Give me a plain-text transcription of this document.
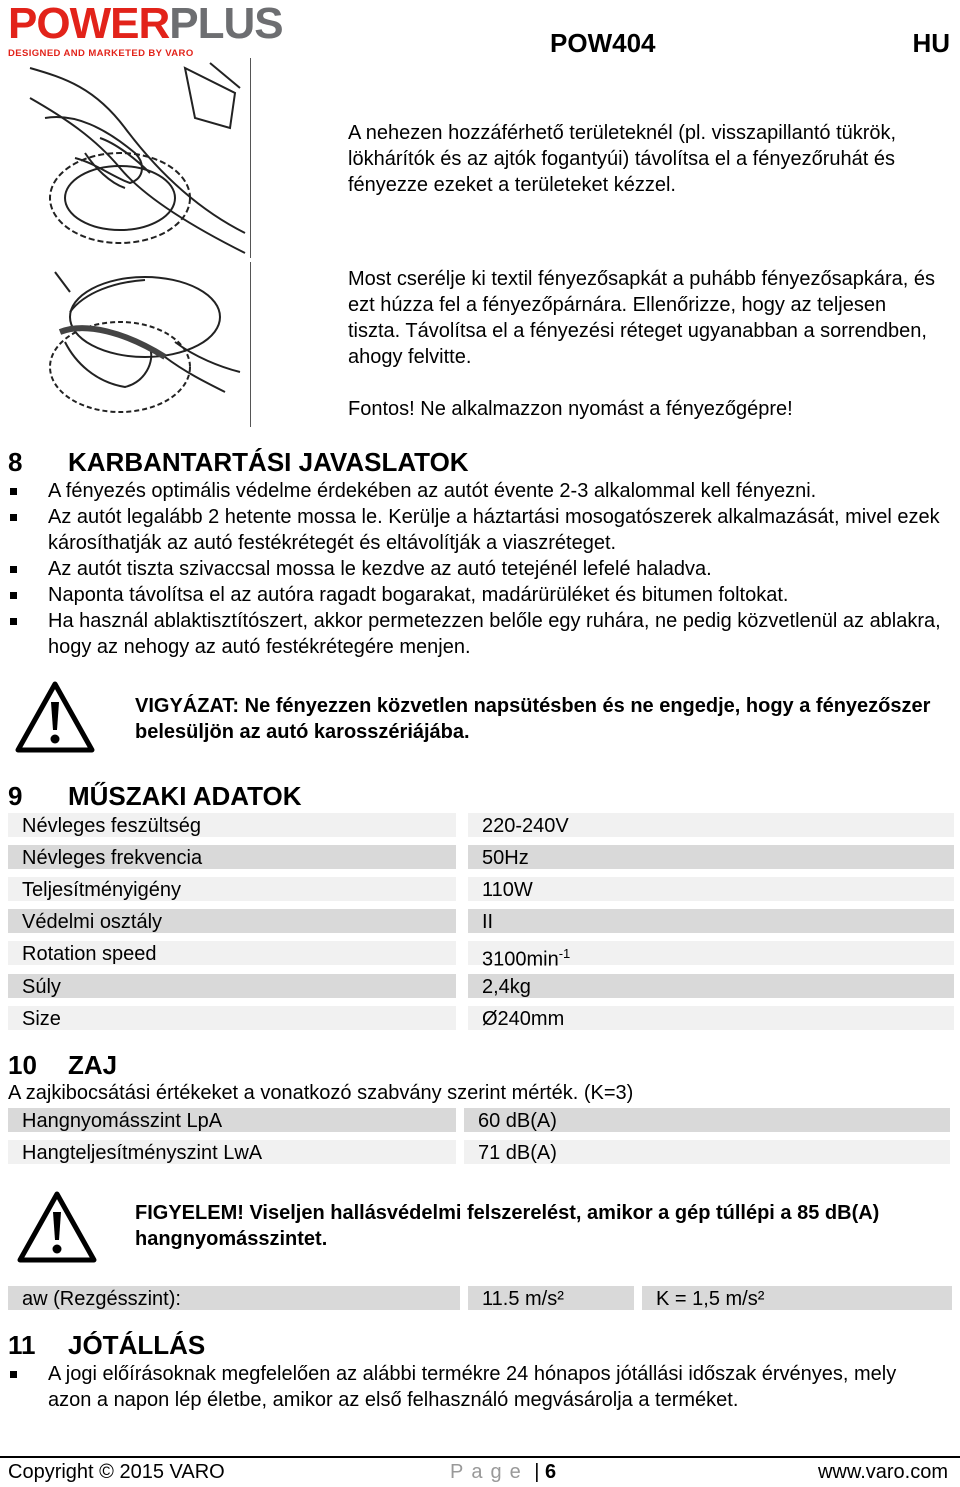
POWERPLUS
DESIGNED AND MARKETED BY VARO	POW404	HU
A nehezen hozzáférhető területeknél (pl. visszapillantó tükrök, lökhárítók és az ajtók fogantyúi) távolítsa el a fényezőruhát és fényezze ezeket a területeket kézzel.
Most cserélje ki textil fényezősapkát a puhább fényezősapkára, és ezt húzza fel a fényezőpárnára. Ellenőrizze, hogy az teljesen tiszta. Távolítsa el a fényezési réteget ugyanabban a sorrendben, ahogy felvitte.
Fontos! Ne alkalmazzon nyomást a fényezőgépre!
8 KARBANTARTÁSI JAVASLATOK
A fényezés optimális védelme érdekében az autót évente 2-3 alkalommal kell fényezni.
Az autót legalább 2 hetente mossa le. Kerülje a háztartási mosogatószerek alkalmazását, mivel ezek károsíthatják az autó festékrétegét és eltávolítják a viaszréteget.
Az autót tiszta szivaccsal mossa le kezdve az autó tetejénél lefelé haladva.
Naponta távolítsa el az autóra ragadt bogarakat, madárürüléket és bitumen foltokat.
Ha használ ablaktisztítószert, akkor permetezzen belőle egy ruhára, ne pedig közvetlenül az ablakra, hogy az nehogy az autó festékrétegére menjen.
VIGYÁZAT: Ne fényezzen közvetlen napsütésben és ne engedje, hogy a fényezőszer belesüljön az autó karosszériájába.
9 MŰSZAKI ADATOK
Névleges feszültség	220-240V
Névleges frekvencia	50Hz
Teljesítményigény	110W
Védelmi osztály	II
Rotation speed	$3100\min^{-1}$
Súly	2,4kg
Size	Ø240mm
10 ZAJ
A zajkibocsátási értékeket a vonatkozó szabvány szerint mérték. (K=3)
Hangnyomásszint LpA	60 dB(A)
Hangteljesítményszint LwA	71 dB(A)
FIGYELEM! Viseljen hallásvédelmi felszerelést, amikor a gép túllépi a 85 dB(A) hangnyomásszintet.
aw (Rezgésszint):	11.5 m/s²	K = 1,5 m/s²
11 JÓTÁLLÁS
A jogi előírásoknak megfelelően az alábbi termékre 24 hónapos jótállási időszak érvényes, mely azon a napon lép életbe, amikor az első felhasználó megvásárolja a terméket.
Copyright © 2015 VARO	Page | 6	www.varo.com
